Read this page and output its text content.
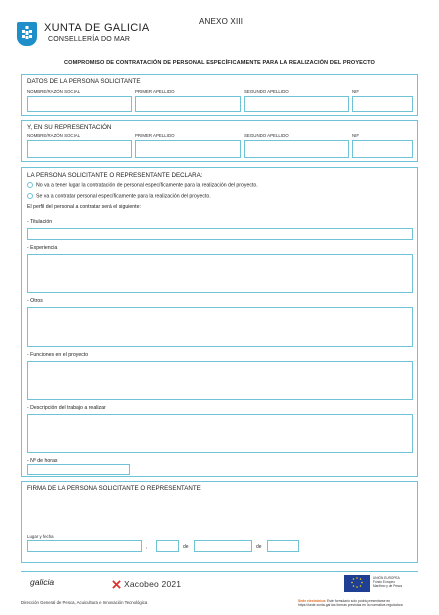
XUNTA DE GALICIA
CONSELLERÍA DO MAR
ANEXO XIII
COMPROMISO DE CONTRATACIÓN DE PERSONAL ESPECÍFICAMENTE PARA LA REALIZACIÓN DEL PROYECTO
DATOS DE LA PERSONA SOLICITANTE
NOMBRE/RAZÓN SOCIAL	PRIMER APELLIDO	SEGUNDO APELLIDO	NIF
Y, EN SU REPRESENTACIÓN
NOMBRE/RAZÓN SOCIAL	PRIMER APELLIDO	SEGUNDO APELLIDO	NIF
LA PERSONA SOLICITANTE O REPRESENTANTE DECLARA:
No va a tener lugar la contratación de personal específicamente para la realización del proyecto.
Se va a contratar personal específicamente para la realización del proyecto.
El perfil del personal a contratar será el siguiente:
- Titulación
- Experiencia
- Otros
- Funciones en el proyecto
- Descripción del trabajo a realizar
- Nº de horas
FIRMA DE LA PERSONA SOLICITANTE O REPRESENTANTE
Lugar y fecha
,	de	de
galicia	Xacobeo 2021
UNIÓN EUROPEA
Fondo Europeo
Marítimo y de Pesca
Dirección General de Pesca, Acuicultura e Innovación Tecnológica	Sede electrónica: Este formulario solo podrá presentarse en
https://sede.xunta.gal las formas previstas en la normativa reguladora
